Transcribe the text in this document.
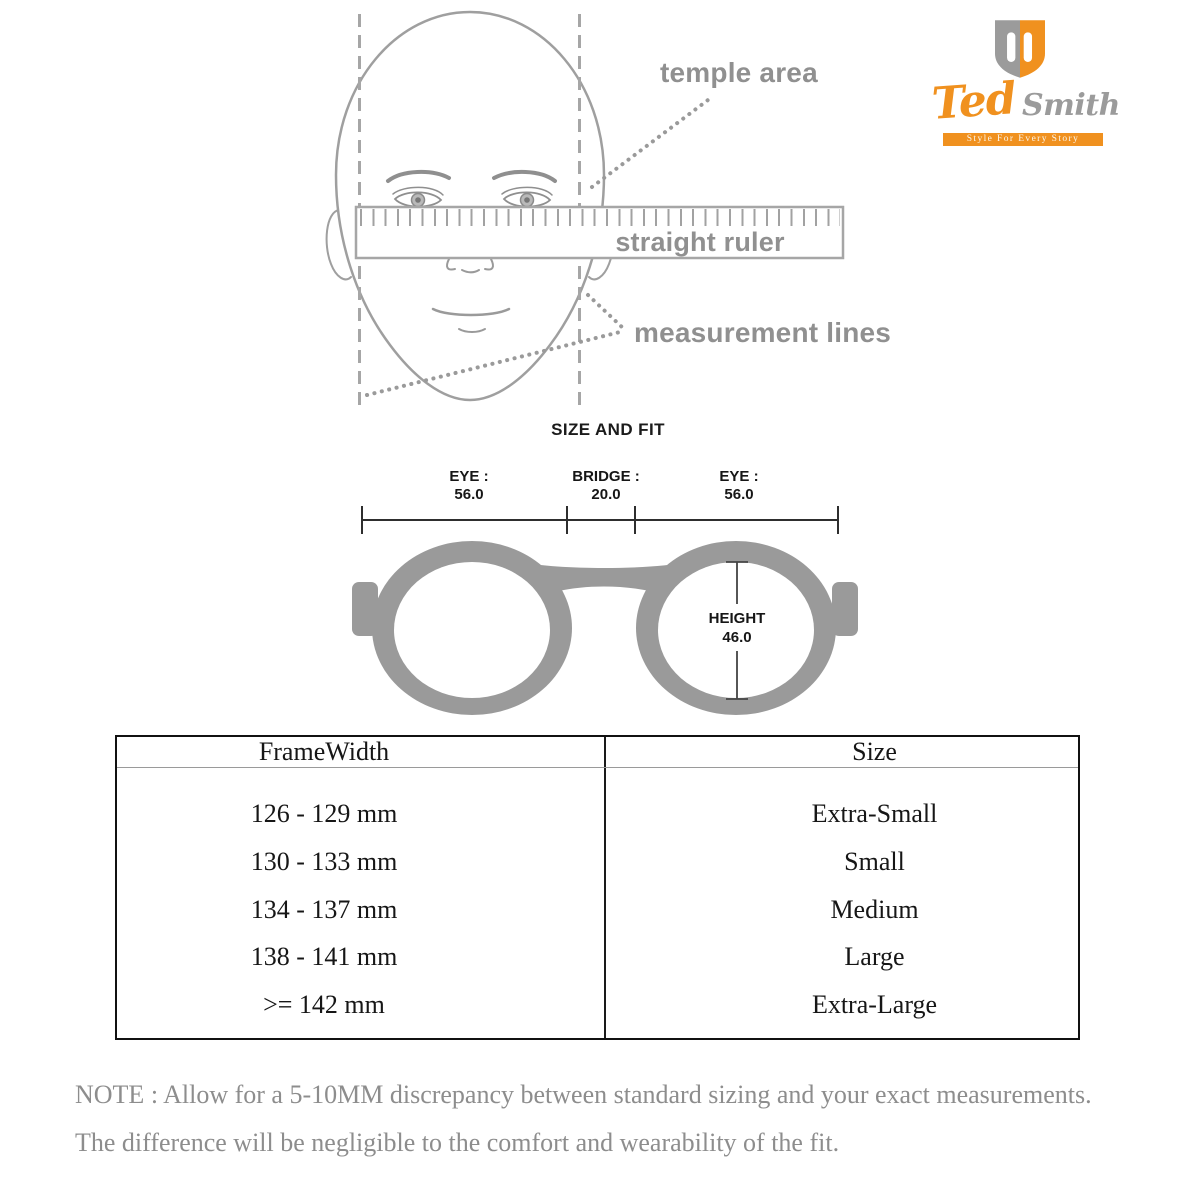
temple area
straight ruler
measurement lines
Ted Smith
Style For Every Story
SIZE AND FIT
EYE :
56.0
BRIDGE :
20.0
EYE :
56.0
HEIGHT
46.0
FrameWidth	Size
126 - 129 mm	Extra-Small
130 - 133 mm	Small
134 - 137 mm	Medium
138 - 141 mm	Large
>= 142 mm	Extra-Large
NOTE : Allow for a 5-10MM discrepancy between standard sizing and your exact measurements.
The difference will be negligible to the comfort and wearability of the fit.
